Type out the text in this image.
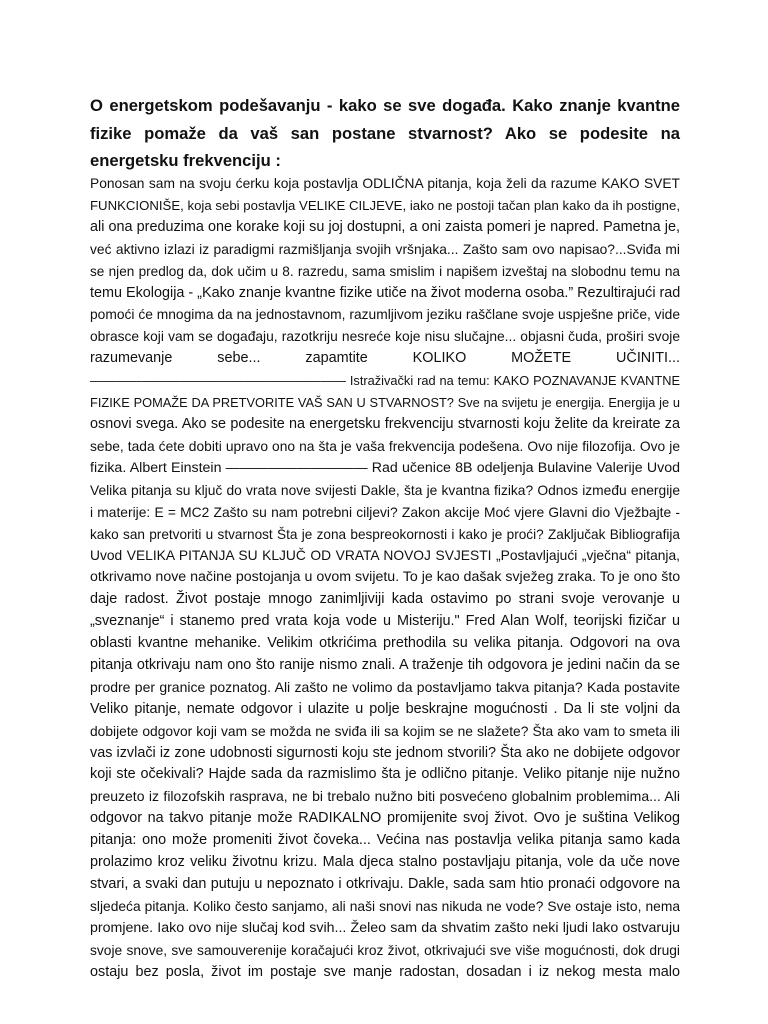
O energetskom podešavanju - kako se sve događa. Kako znanje kvantne fizike pomaže da vaš san postane stvarnost? Ako se podesite na energetsku frekvenciju :
Ponosan sam na svoju ćerku koja postavlja ODLIČNA pitanja, koja želi da razume KAKO SVET
FUNKCIONIŠE, koja sebi postavlja VELIKE CILJEVE, iako ne postoji tačan plan kako da ih postigne,
ali ona preduzima one korake koji su joj dostupni, a oni zaista pomeri je napred. Pametna je,
već aktivno izlazi iz paradigmi razmišljanja svojih vršnjaka... Zašto sam ovo napisao?...Sviđa mi
se njen predlog da, dok učim u 8. razredu, sama smislim i napišem izveštaj na slobodnu temu na
temu Ekologija - „Kako znanje kvantne fizike utiče na život moderna osoba.” Rezultirajući rad
pomoći će mnogima da na jednostavnom, razumljivom jeziku raščlane svoje uspješne priče, vide
obrasce koji vam se događaju, razotkriju nesreće koje nisu slučajne... objasni čuda, proširi svoje
razumevanje sebe... zapamtite KOLIKO MOŽETE UČINITI...
———————————————————— Istraživački rad na temu: KAKO POZNAVANJE KVANTNE
FIZIKE POMAŽE DA PRETVORITE VAŠ SAN U STVARNOST? Sve na svijetu je energija. Energija je u
osnovi svega. Ako se podesite na energetsku frekvenciju stvarnosti koju želite da kreirate za
sebe, tada ćete dobiti upravo ono na šta je vaša frekvencija podešena. Ovo nije filozofija. Ovo je
fizika. Albert Einstein —————————— Rad učenice 8B odeljenja Bulavine Valerije Uvod
Velika pitanja su ključ do vrata nove svijesti Dakle, šta je kvantna fizika? Odnos između energije
i materije: E = MC2 Zašto su nam potrebni ciljevi? Zakon akcije Moć vjere Glavni dio Vježbajte -
kako san pretvoriti u stvarnost Šta je zona bespreokornosti i kako je proći? Zaključak Bibliografija
Uvod VELIKA PITANJA SU KLJUČ OD VRATA NOVOJ SVJESTI „Postavljajući „vječna“ pitanja,
otkrivamo nove načine postojanja u ovom svijetu. To je kao dašak svježeg zraka. To je ono što
daje radost. Život postaje mnogo zanimljiviji kada ostavimo po strani svoje verovanje u
„sveznanje“ i stanemo pred vrata koja vode u Misteriju." Fred Alan Wolf, teorijski fizičar u
oblasti kvantne mehanike. Velikim otkrićima prethodila su velika pitanja. Odgovori na ova
pitanja otkrivaju nam ono što ranije nismo znali. A traženje tih odgovora je jedini način da se
prodre per granice poznatog. Ali zašto ne volimo da postavljamo takva pitanja? Kada postavite
Veliko pitanje, nemate odgovor i ulazite u polje beskrajne mogućnosti . Da li ste voljni da
dobijete odgovor koji vam se možda ne sviđa ili sa kojim se ne slažete? Šta ako vam to smeta ili
vas izvlači iz zone udobnosti sigurnosti koju ste jednom stvorili? Šta ako ne dobijete odgovor
koji ste očekivali? Hajde sada da razmislimo šta je odlično pitanje. Veliko pitanje nije nužno
preuzeto iz filozofskih rasprava, ne bi trebalo nužno biti posvećeno globalnim problemima... Ali
odgovor na takvo pitanje može RADIKALNO promijenite svoj život. Ovo je suština Velikog
pitanja: ono može promeniti život čoveka... Većina nas postavlja velika pitanja samo kada
prolazimo kroz veliku životnu krizu. Mala djeca stalno postavljaju pitanja, vole da uče nove
stvari, a svaki dan putuju u nepoznato i otkrivaju. Dakle, sada sam htio pronaći odgovore na
sljedeća pitanja. Koliko često sanjamo, ali naši snovi nas nikuda ne vode? Sve ostaje isto, nema
promjene. Iako ovo nije slučaj kod svih... Želeo sam da shvatim zašto neki ljudi lako ostvaruju
svoje snove, sve samouverenije koračajući kroz život, otkrivajući sve više mogućnosti, dok drugi
ostaju bez posla, život im postaje sve manje radostan, dosadan i iz nekog mesta malo
